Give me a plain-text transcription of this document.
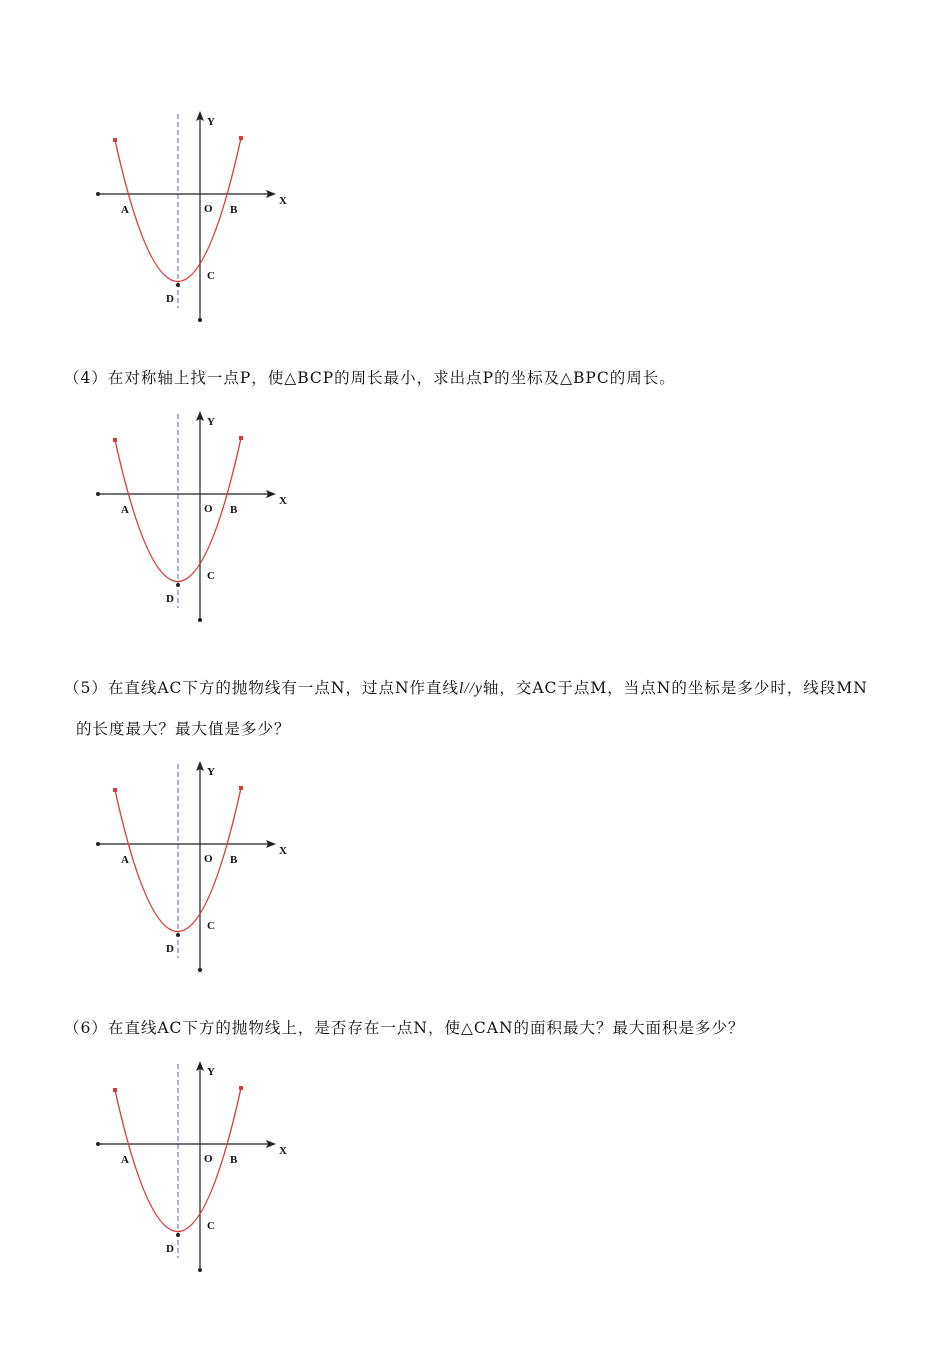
Y
X
A	O B
C
D
（4）在对称轴上找一点P，使△BCP的周长最小，求出点P的坐标及△BPC的周长。
Y
X
A	O B
C
D
（5）在直线AC下方的抛物线有一点N，过点N作直线l//y轴，交AC于点M，当点N的坐标是多少时，线段MN
的长度最大？最大值是多少？
Y
X
A	O B
C
D
（6）在直线AC下方的抛物线上，是否存在一点N，使△CAN的面积最大？最大面积是多少？
Y
X
A	O B
C
D
